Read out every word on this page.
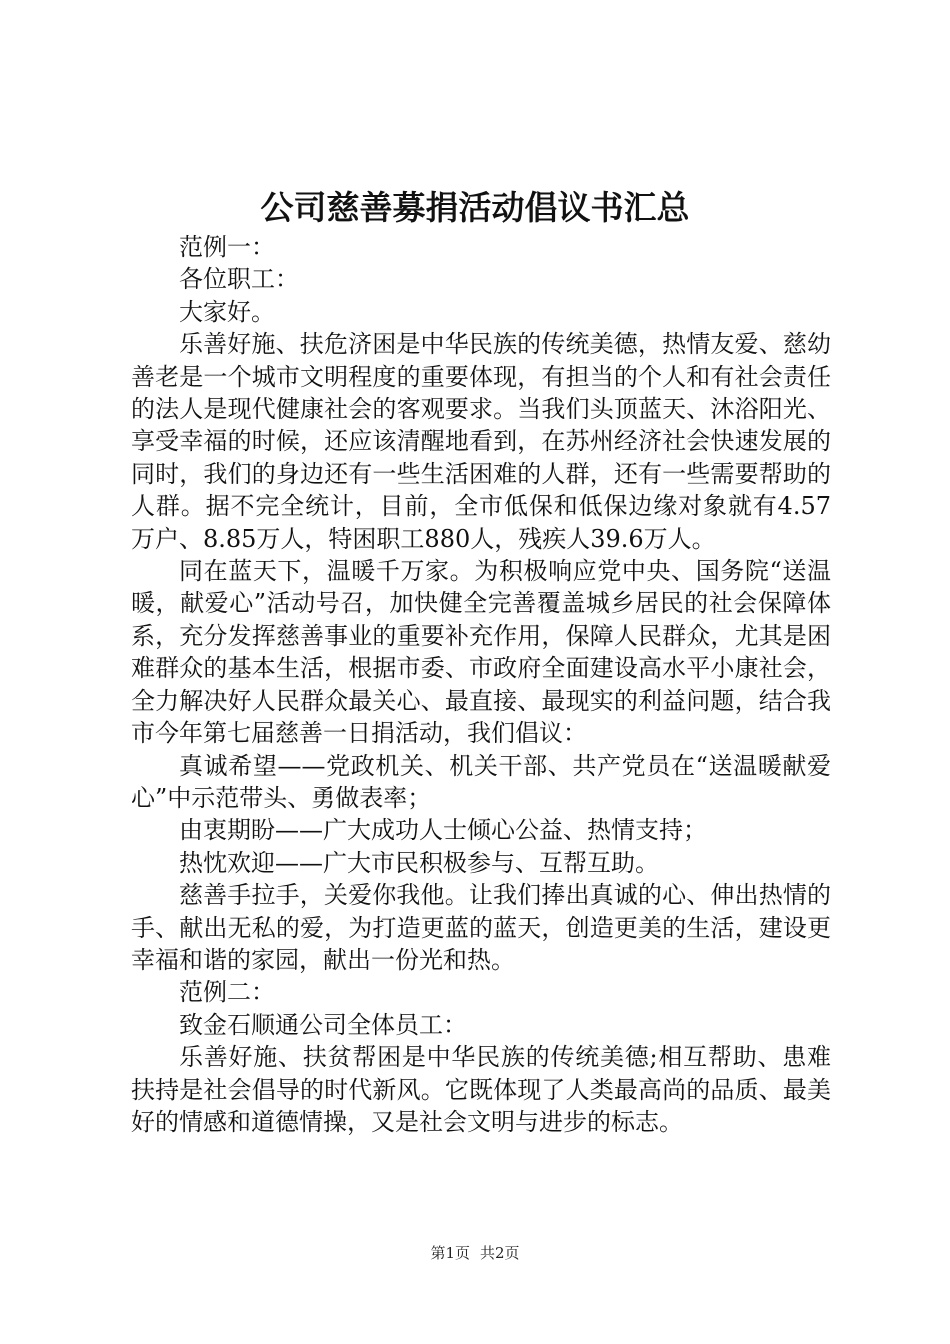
公司慈善募捐活动倡议书汇总

范例一：

各位职工：

大家好。

乐善好施、扶危济困是中华民族的传统美德，热情友爱、慈幼善老是一个城市文明程度的重要体现，有担当的个人和有社会责任的法人是现代健康社会的客观要求。当我们头顶蓝天、沐浴阳光、享受幸福的时候，还应该清醒地看到，在苏州经济社会快速发展的同时，我们的身边还有一些生活困难的人群，还有一些需要帮助的人群。据不完全统计，目前，全市低保和低保边缘对象就有4.57万户、8.85万人，特困职工880人，残疾人39.6万人。

同在蓝天下，温暖千万家。为积极响应党中央、国务院“送温暖，献爱心”活动号召，加快健全完善覆盖城乡居民的社会保障体系，充分发挥慈善事业的重要补充作用，保障人民群众，尤其是困难群众的基本生活，根据市委、市政府全面建设高水平小康社会，全力解决好人民群众最关心、最直接、最现实的利益问题，结合我市今年第七届慈善一日捐活动，我们倡议：

真诚希望——党政机关、机关干部、共产党员在“送温暖献爱心”中示范带头、勇做表率；

由衷期盼——广大成功人士倾心公益、热情支持；

热忱欢迎——广大市民积极参与、互帮互助。

慈善手拉手，关爱你我他。让我们捧出真诚的心、伸出热情的手、献出无私的爱，为打造更蓝的蓝天，创造更美的生活，建设更幸福和谐的家园，献出一份光和热。

范例二：

致金石顺通公司全体员工：

乐善好施、扶贫帮困是中华民族的传统美德;相互帮助、患难扶持是社会倡导的时代新风。它既体现了人类最高尚的品质、最美好的情感和道德情操，又是社会文明与进步的标志。

第1页 共2页
